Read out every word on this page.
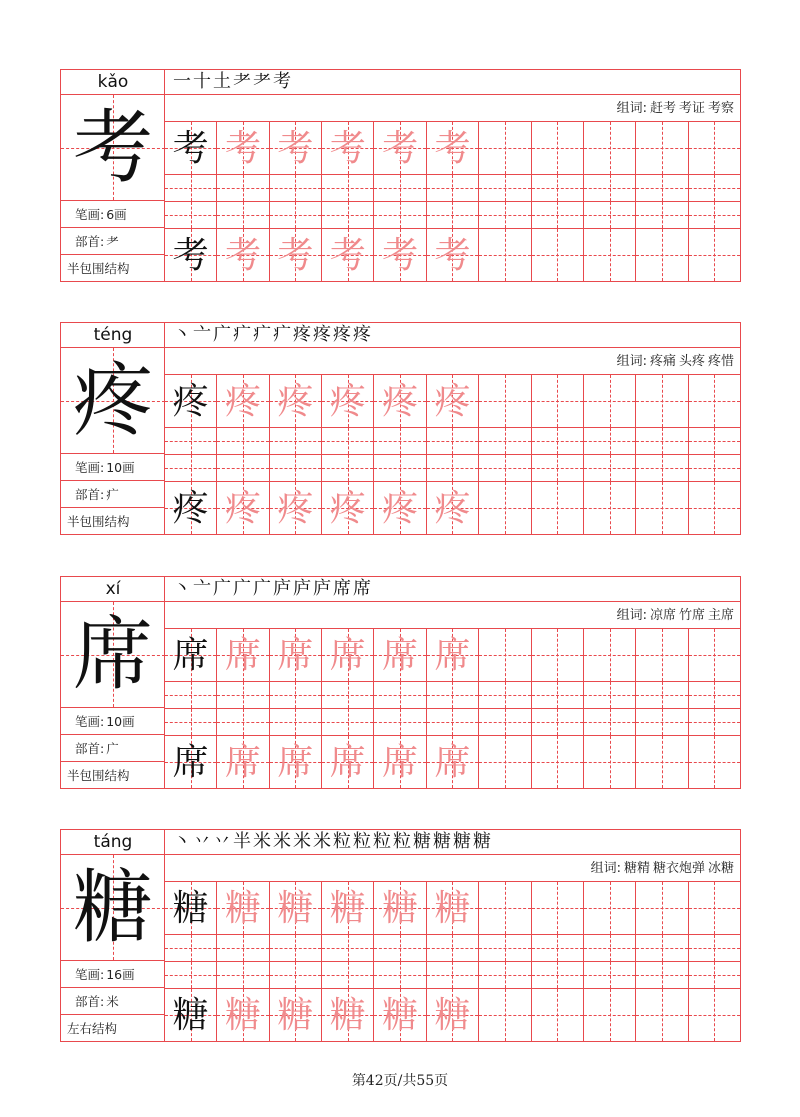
kǎo
考
笔画: 6画
部首: 耂
半包围结构
一十土耂耂考
组词: 赶考 考证 考察
考 考 考 考 考 考
考 考 考 考 考 考
téng
疼
笔画: 10画
部首: 疒
半包围结构
丶亠广疒疒疒疼疼疼疼
组词: 疼痛 头疼 疼惜
疼 疼 疼 疼 疼 疼
疼 疼 疼 疼 疼 疼
xí
席
笔画: 10画
部首: 广
半包围结构
丶亠广广广庐庐庐席席
组词: 凉席 竹席 主席
席 席 席 席 席 席
席 席 席 席 席 席
táng
糖
笔画: 16画
部首: 米
左右结构
丶丷丷半米米米米粒粒粒粒糖糖糖糖
组词: 糖精 糖衣炮弹 冰糖
糖 糖 糖 糖 糖 糖
糖 糖 糖 糖 糖 糖
第42页/共55页
